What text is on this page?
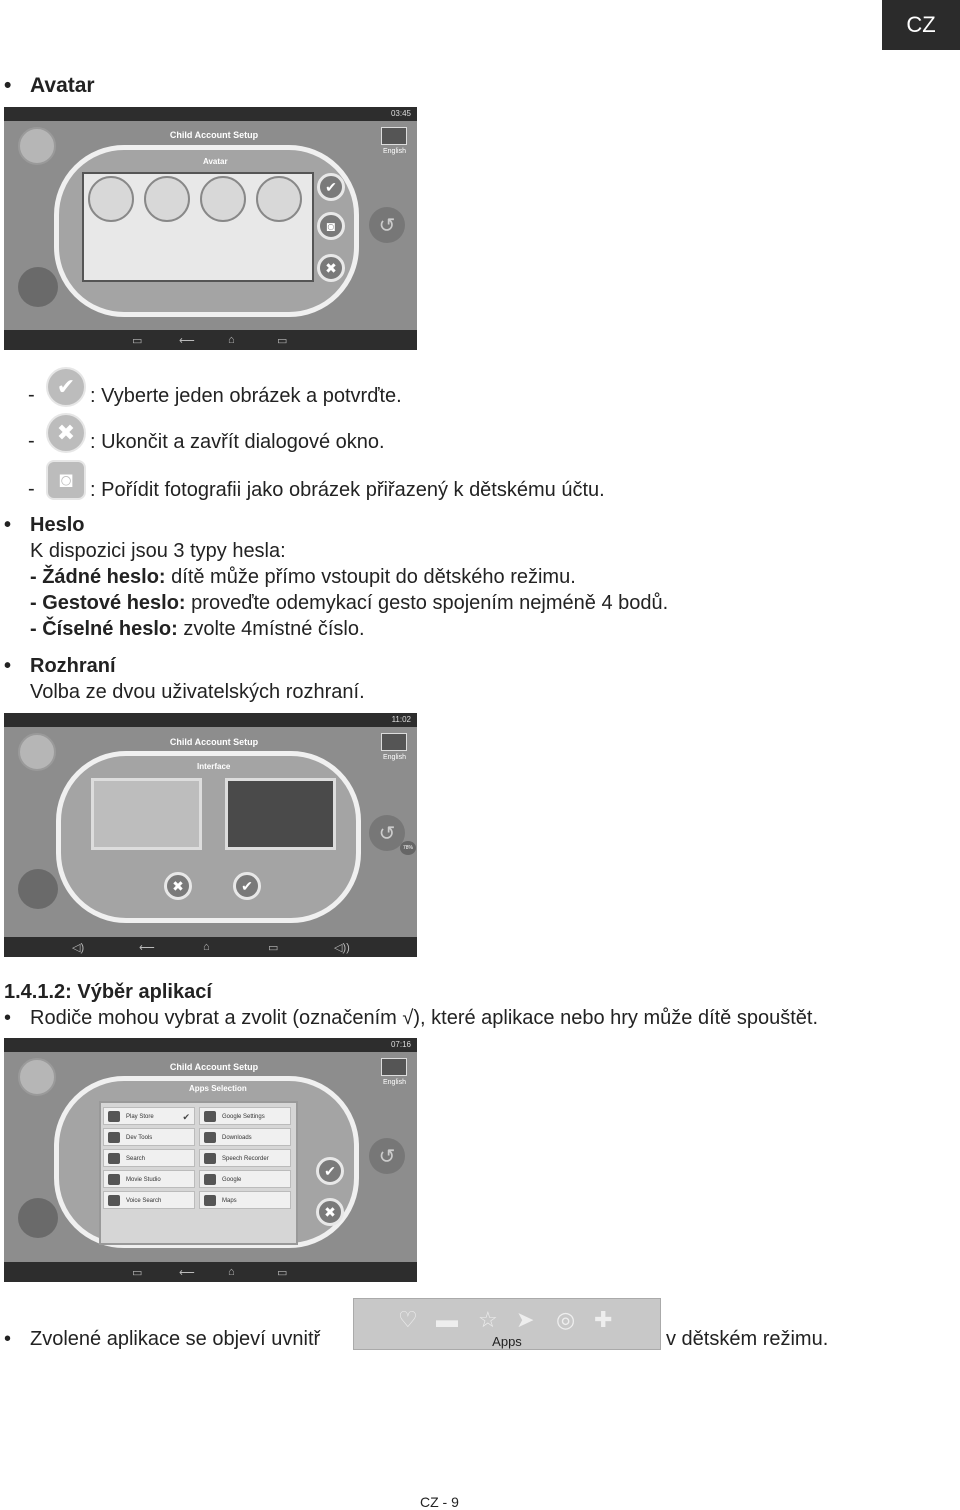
CZ
• Avatar
03:45
Child Account Setup
English
Avatar
✔
◙
✖
↺
▭	⟵	⌂	▭
-	✔ : Vyberte jeden obrázek a potvrďte.
-	✖ : Ukončit a zavřít dialogové okno.
-	◙ : Pořídit fotografii jako obrázek přiřazený k dětskému účtu.
• Heslo
K dispozici jsou 3 typy hesla:
- Žádné heslo: dítě může přímo vstoupit do dětského režimu.
- Gestové heslo: proveďte odemykací gesto spojením nejméně 4 bodů.
- Číselné heslo: zvolte 4místné číslo.
• Rozhraní
Volba ze dvou uživatelských rozhraní.
11:02
Child Account Setup
English
Interface
✖	✔
↺
78%
◁)	⟵	⌂	▭	◁))
1.4.1.2: Výběr aplikací
• Rodiče mohou vybrat a zvolit (označením √), které aplikace nebo hry může dítě spouštět.
07:16
Child Account Setup
English
Apps Selection
Play Store	✔
Dev Tools
Search
Movie Studio
Voice Search
Google Settings
Downloads
Speech Recorder
Google
Maps
✔
✖
↺
▭	⟵	⌂	▭
• Zvolené aplikace se objeví uvnitř
♡ ▬ ☆ ➤ ◎ ✚
Apps	v dětském režimu.
CZ - 9
